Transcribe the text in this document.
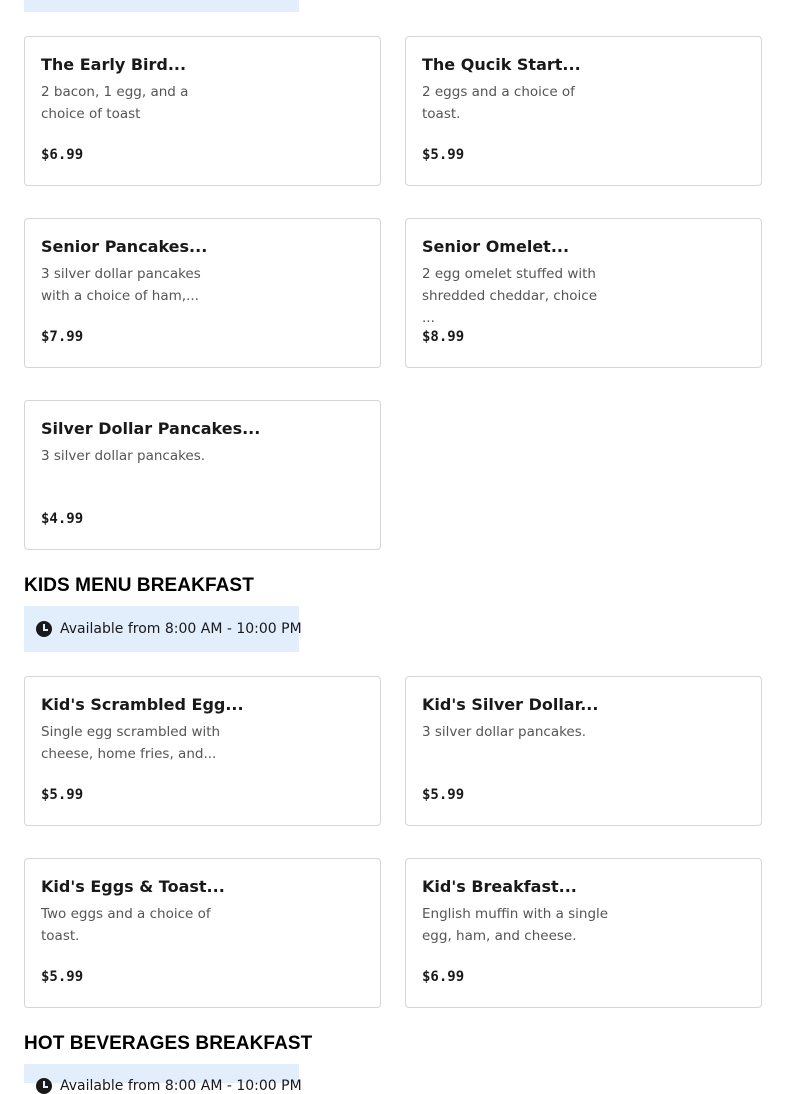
The Early Bird...
2 bacon, 1 egg, and a choice of toast
$6.99
The Qucik Start...
2 eggs and a choice of toast.
$5.99
Senior Pancakes...
3 silver dollar pancakes with a choice of ham,...
$7.99
Senior Omelet...
2 egg omelet stuffed with shredded cheddar, choice ...
$8.99
Silver Dollar Pancakes...
3 silver dollar pancakes.
$4.99
KIDS MENU BREAKFAST
Available from 8:00 AM - 10:00 PM
Kid's Scrambled Egg...
Single egg scrambled with cheese, home fries, and...
$5.99
Kid's Silver Dollar...
3 silver dollar pancakes.
$5.99
Kid's Eggs & Toast...
Two eggs and a choice of toast.
$5.99
Kid's Breakfast...
English muffin with a single egg, ham, and cheese.
$6.99
HOT BEVERAGES BREAKFAST
Available from 8:00 AM - 10:00 PM
